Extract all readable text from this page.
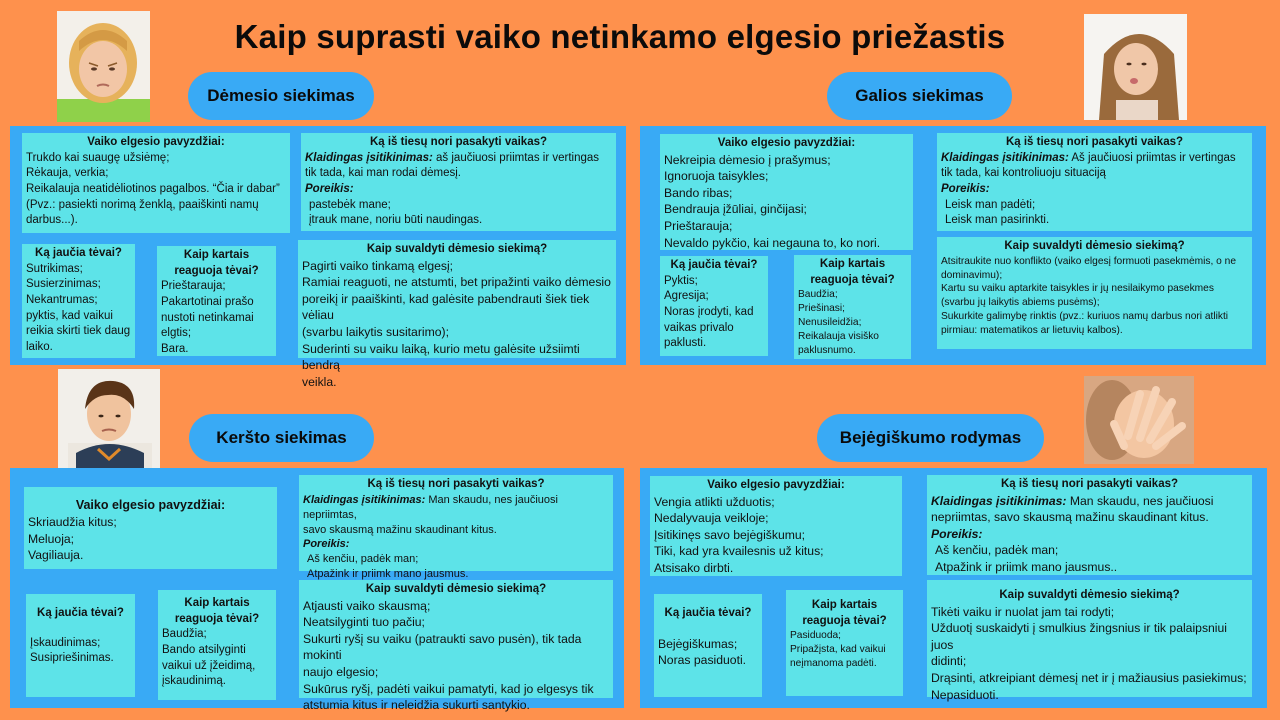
Kaip suprasti vaiko netinkamo elgesio priežastis
Dėmesio siekimas	Galios siekimas
Keršto siekimas	Bejėgiškumo rodymas
Vaiko elgesio pavyzdžiai:
Trukdo kai suaugę užsiėmę;
Rėkauja, verkia;
Reikalauja neatidėliotinos pagalbos. “Čia ir dabar”
(Pvz.: pasiekti norimą ženklą, paaiškinti namų
darbus...).
Ką iš tiesų nori pasakyti vaikas?
Klaidingas įsitikinimas: aš jaučiuosi priimtas ir vertingas
tik tada, kai man rodai dėmesį.
Poreikis:
pastebėk mane;
įtrauk mane, noriu būti naudingas.
Ką jaučia tėvai?
Sutrikimas;
Susierzinimas;
Nekantrumas;
pyktis, kad vaikui
reikia skirti tiek daug
laiko.
Kaip kartais reaguoja tėvai?
Prieštarauja;
Pakartotinai prašo
nustoti netinkamai
elgtis;
Bara.
Kaip suvaldyti dėmesio siekimą?
Pagirti vaiko tinkamą elgesį;
Ramiai reaguoti, ne atstumti, bet pripažinti vaiko dėmesio
poreikį ir paaiškinti, kad galėsite pabendrauti šiek tiek vėliau
(svarbu laikytis susitarimo);
Suderinti su vaiku laiką, kurio metu galėsite užsiimti bendrą
veikla.
Vaiko elgesio pavyzdžiai:
Nekreipia dėmesio į prašymus;
Ignoruoja taisykles;
Bando ribas;
Bendrauja įžūliai, ginčijasi;
Prieštarauja;
Nevaldo pykčio, kai negauna to, ko nori.
Ką iš tiesų nori pasakyti vaikas?
Klaidingas įsitikinimas: Aš jaučiuosi priimtas ir vertingas
tik tada, kai kontroliuoju situaciją
Poreikis:
Leisk man padėti;
Leisk man pasirinkti.
Ką jaučia tėvai?
Pyktis;
Agresija;
Noras įrodyti, kad
vaikas privalo
paklusti.
Kaip kartais reaguoja tėvai?
Baudžia;
Priešinasi;
Nenusileidžia;
Reikalauja visiško
paklusnumo.
Kaip suvaldyti dėmesio siekimą?
Atsitraukite nuo konflikto (vaiko elgesį formuoti pasekmėmis, o ne
dominavimu);
Kartu su vaiku aptarkite taisykles ir jų nesilaikymo pasekmes
(svarbu jų laikytis abiems pusėms);
Sukurkite galimybę rinktis (pvz.: kuriuos namų darbus nori atlikti
pirmiau: matematikos ar lietuvių kalbos).
Vaiko elgesio pavyzdžiai:
Skriaudžia kitus;
Meluoja;
Vagiliauja.
Ką iš tiesų nori pasakyti vaikas?
Klaidingas įsitikinimas: Man skaudu, nes jaučiuosi nepriimtas,
savo skausmą mažinu skaudinant kitus.
Poreikis:
Aš kenčiu, padėk man;
Atpažink ir priimk mano jausmus.
Ką jaučia tėvai?
Įskaudinimas;
Susipriešinimas.
Kaip kartais reaguoja tėvai?
Baudžia;
Bando atsilyginti
vaikui už įžeidimą,
įskaudinimą.
Kaip suvaldyti dėmesio siekimą?
Atjausti vaiko skausmą;
Neatsilyginti tuo pačiu;
Sukurti ryšį su vaiku (patraukti savo pusėn), tik tada mokinti
naujo elgesio;
Sukūrus ryšį, padėti vaikui pamatyti, kad jo elgesys tik
atstumia kitus ir neleidžia sukurti santykio.
Vaiko elgesio pavyzdžiai:
Vengia atlikti užduotis;
Nedalyvauja veikloje;
Įsitikinęs savo bejėgiškumu;
Tiki, kad yra kvailesnis už kitus;
Atsisako dirbti.
Ką iš tiesų nori pasakyti vaikas?
Klaidingas įsitikinimas: Man skaudu, nes jaučiuosi
nepriimtas, savo skausmą mažinu skaudinant kitus.
Poreikis:
Aš kenčiu, padėk man;
Atpažink ir priimk mano jausmus..
Ką jaučia tėvai?
Bejėgiškumas;
Noras pasiduoti.
Kaip kartais reaguoja tėvai?
Pasiduoda;
Pripažįsta, kad vaikui
neįmanoma padėti.
Kaip suvaldyti dėmesio siekimą?
Tikėti vaiku ir nuolat jam tai rodyti;
Užduotį suskaidyti į smulkius žingsnius ir tik palaipsniui juos
didinti;
Drąsinti, atkreipiant dėmesį net ir į mažiausius pasiekimus;
Nepasiduoti.
